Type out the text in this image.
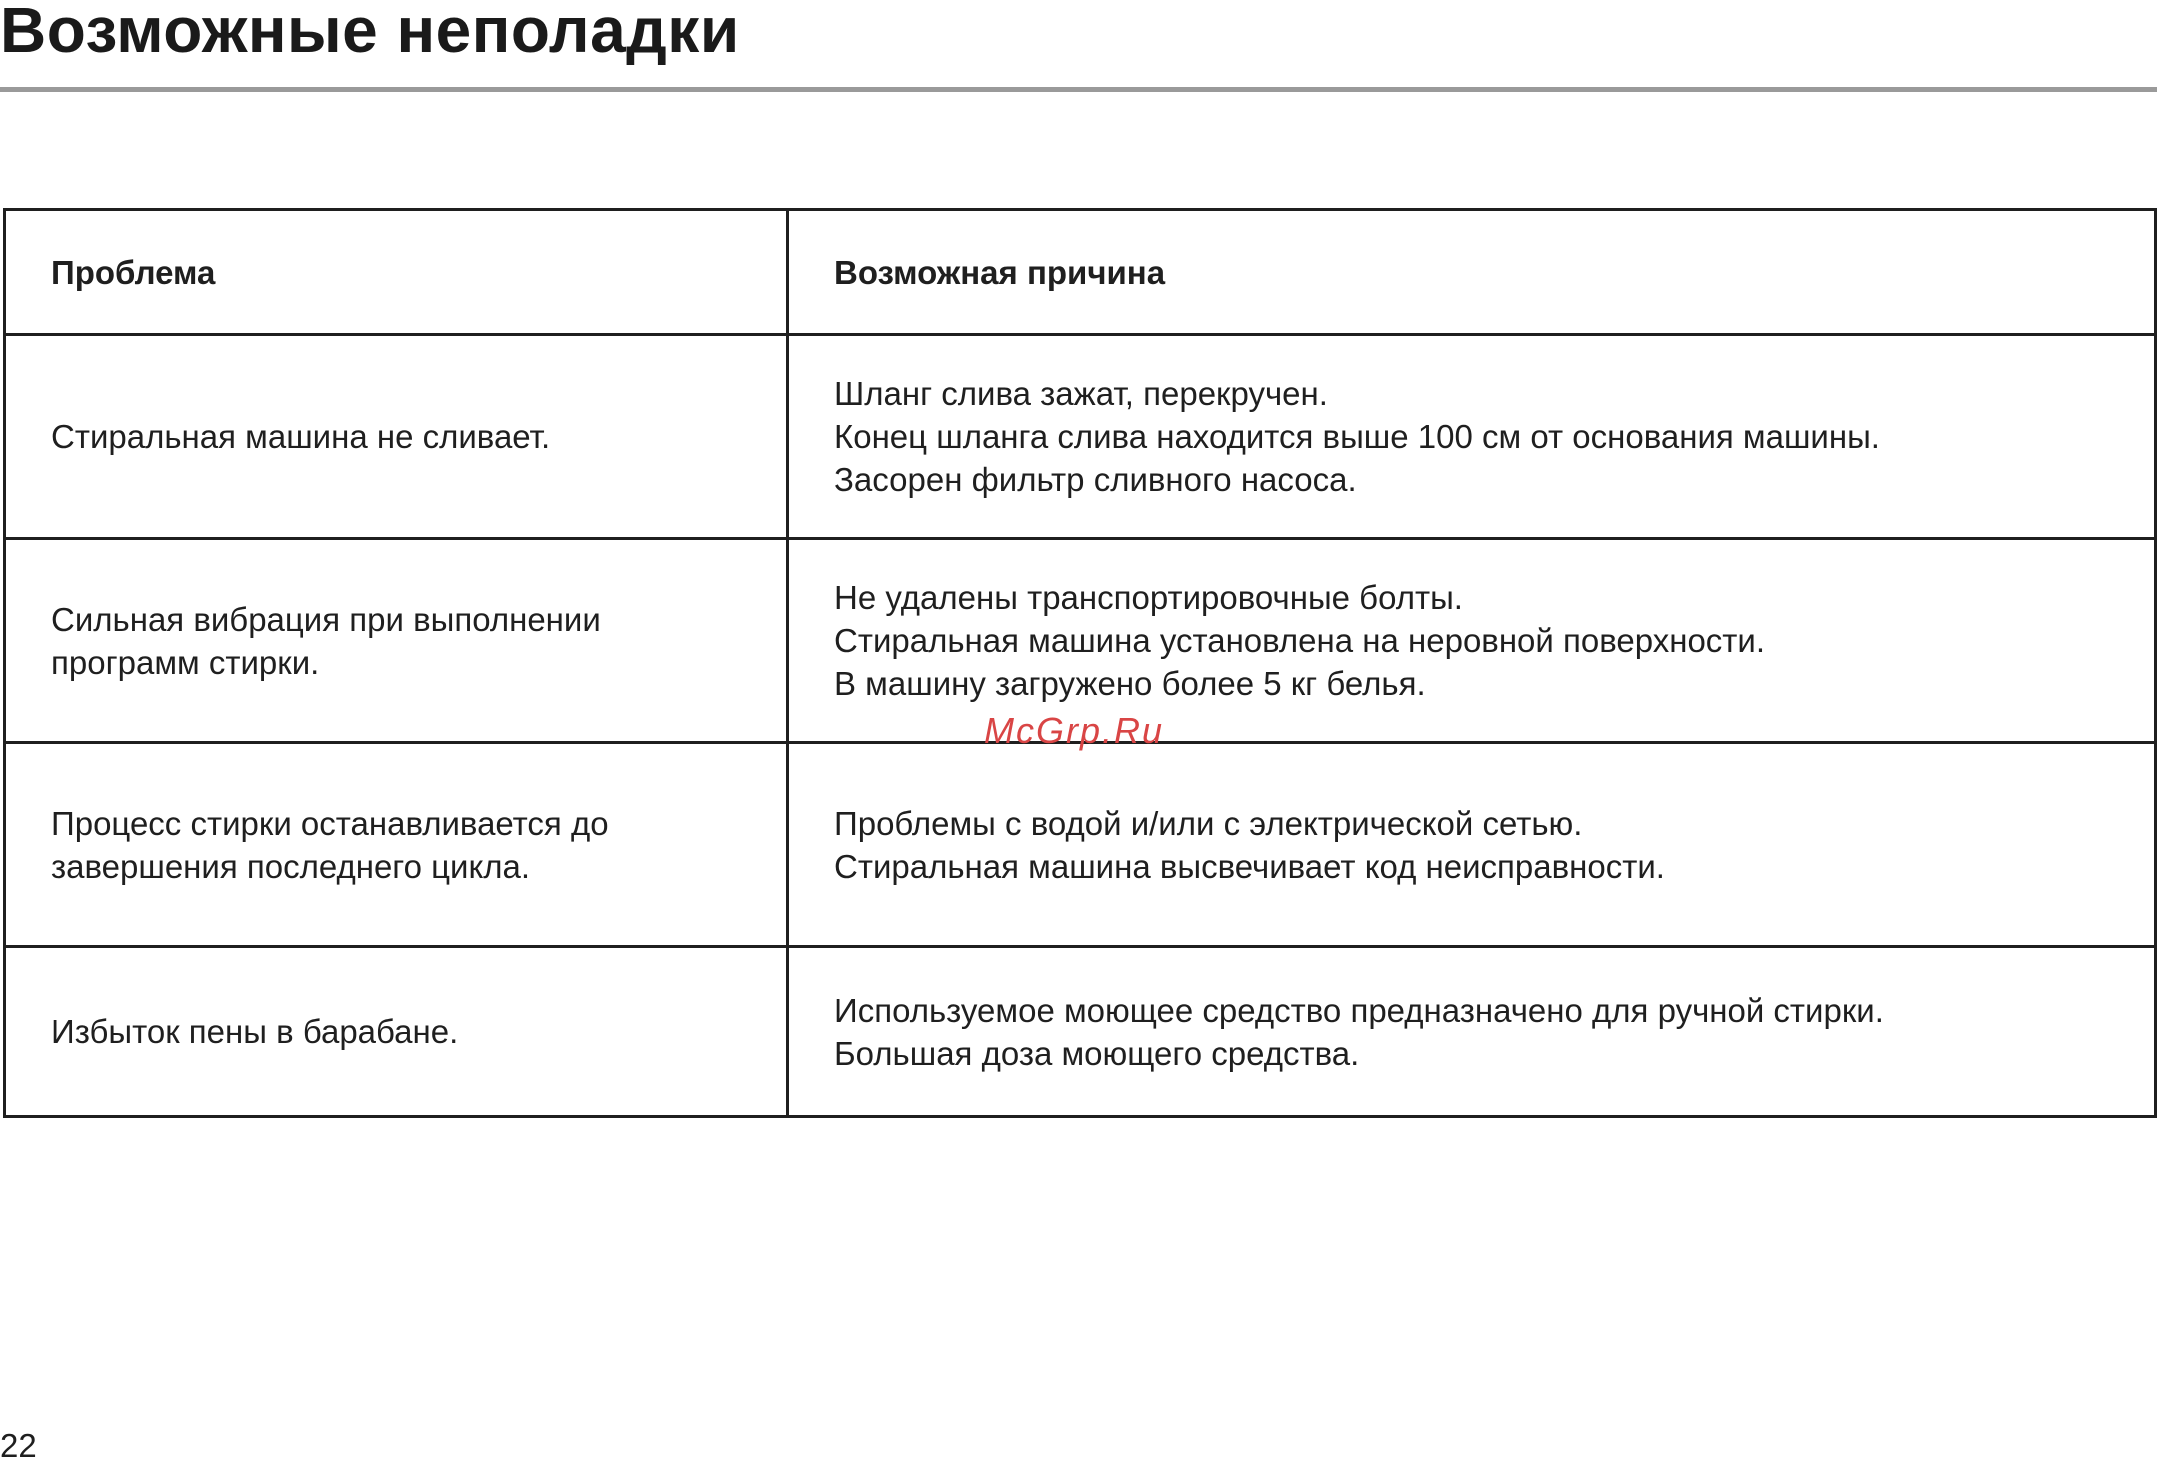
Возможные неполадки
Проблема	Возможная причина
Стиральная машина не сливает.	Шланг слива зажат, перекручен.
Конец шланга слива находится выше 100 см от основания машины.
Засорен фильтр сливного насоса.

Сильная вибрация при выполнении программ стирки.	Не удалены транспортировочные болты.
Стиральная машина установлена на неровной поверхности.
В машину загружено более 5 кг белья.

Процесс стирки останавливается до завершения последнего цикла.	Проблемы с водой и/или с электрической сетью.
Стиральная машина высвечивает код неисправности.

Избыток пены в барабане.	Используемое моющее средство предназначено для ручной стирки.
Большая доза моющего средства.
McGrp.Ru
22
